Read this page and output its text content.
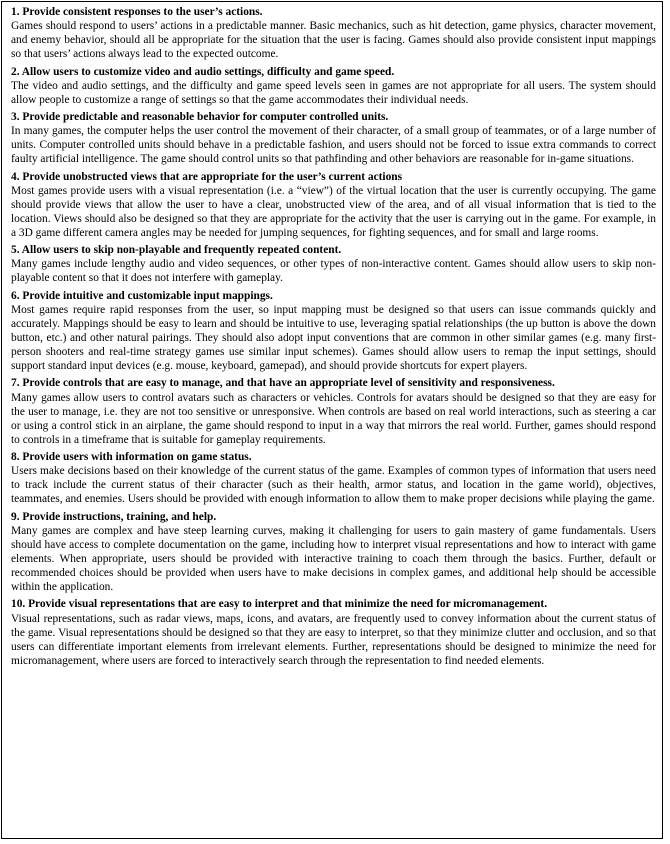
1. Provide consistent responses to the user’s actions.

Games should respond to users’ actions in a predictable manner. Basic mechanics, such as hit detection, game physics, character movement, and enemy behavior, should all be appropriate for the situation that the user is facing. Games should also provide consistent input mappings so that users’ actions always lead to the expected outcome.

2. Allow users to customize video and audio settings, difficulty and game speed.

The video and audio settings, and the difficulty and game speed levels seen in games are not appropriate for all users. The system should allow people to customize a range of settings so that the game accommodates their individual needs.

3. Provide predictable and reasonable behavior for computer controlled units.

In many games, the computer helps the user control the movement of their character, of a small group of teammates, or of a large number of units. Computer controlled units should behave in a predictable fashion, and users should not be forced to issue extra commands to correct faulty artificial intelligence. The game should control units so that pathfinding and other behaviors are reasonable for in-game situations.

4. Provide unobstructed views that are appropriate for the user’s current actions

Most games provide users with a visual representation (i.e. a “view”) of the virtual location that the user is currently occupying. The game should provide views that allow the user to have a clear, unobstructed view of the area, and of all visual information that is tied to the location. Views should also be designed so that they are appropriate for the activity that the user is carrying out in the game. For example, in a 3D game different camera angles may be needed for jumping sequences, for fighting sequences, and for small and large rooms.

5. Allow users to skip non-playable and frequently repeated content.

Many games include lengthy audio and video sequences, or other types of non-interactive content. Games should allow users to skip non-playable content so that it does not interfere with gameplay.

6. Provide intuitive and customizable input mappings.

Most games require rapid responses from the user, so input mapping must be designed so that users can issue commands quickly and accurately. Mappings should be easy to learn and should be intuitive to use, leveraging spatial relationships (the up button is above the down button, etc.) and other natural pairings. They should also adopt input conventions that are common in other similar games (e.g. many first-person shooters and real-time strategy games use similar input schemes). Games should allow users to remap the input settings, should support standard input devices (e.g. mouse, keyboard, gamepad), and should provide shortcuts for expert players.

7. Provide controls that are easy to manage, and that have an appropriate level of sensitivity and responsiveness.

Many games allow users to control avatars such as characters or vehicles. Controls for avatars should be designed so that they are easy for the user to manage, i.e. they are not too sensitive or unresponsive. When controls are based on real world interactions, such as steering a car or using a control stick in an airplane, the game should respond to input in a way that mirrors the real world. Further, games should respond to controls in a timeframe that is suitable for gameplay requirements.

8. Provide users with information on game status.

Users make decisions based on their knowledge of the current status of the game. Examples of common types of information that users need to track include the current status of their character (such as their health, armor status, and location in the game world), objectives, teammates, and enemies. Users should be provided with enough information to allow them to make proper decisions while playing the game.

9. Provide instructions, training, and help.

Many games are complex and have steep learning curves, making it challenging for users to gain mastery of game fundamentals. Users should have access to complete documentation on the game, including how to interpret visual representations and how to interact with game elements. When appropriate, users should be provided with interactive training to coach them through the basics. Further, default or recommended choices should be provided when users have to make decisions in complex games, and additional help should be accessible within the application.

10. Provide visual representations that are easy to interpret and that minimize the need for micromanagement.

Visual representations, such as radar views, maps, icons, and avatars, are frequently used to convey information about the current status of the game. Visual representations should be designed so that they are easy to interpret, so that they minimize clutter and occlusion, and so that users can differentiate important elements from irrelevant elements. Further, representations should be designed to minimize the need for micromanagement, where users are forced to interactively search through the representation to find needed elements.
